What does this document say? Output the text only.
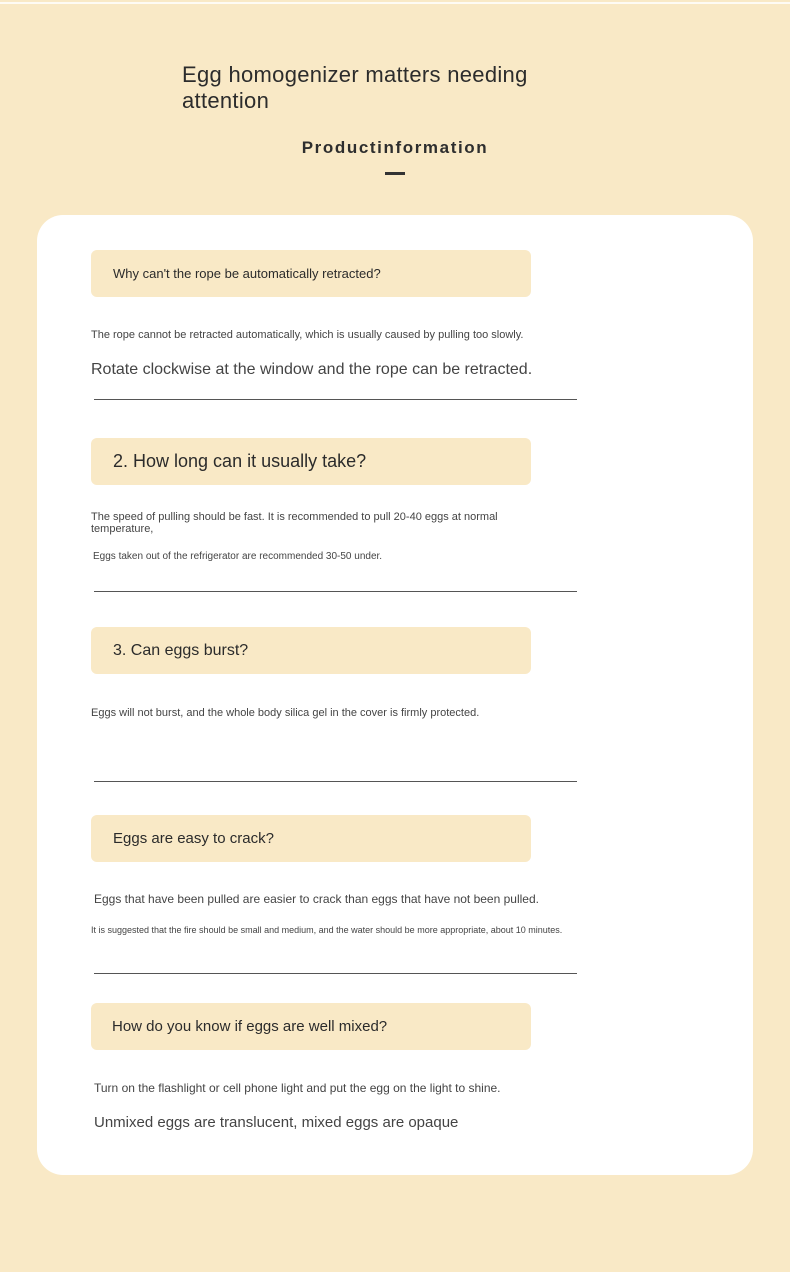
Egg homogenizer matters needing attention
Productinformation
Why can't the rope be automatically retracted?
The rope cannot be retracted automatically, which is usually caused by pulling too slowly.
Rotate clockwise at the window and the rope can be retracted.
2. How long can it usually take?
The speed of pulling should be fast. It is recommended to pull 20-40 eggs at normal temperature,
Eggs taken out of the refrigerator are recommended 30-50 under.
3. Can eggs burst?
Eggs will not burst, and the whole body silica gel in the cover is firmly protected.
Eggs are easy to crack?
Eggs that have been pulled are easier to crack than eggs that have not been pulled.
It is suggested that the fire should be small and medium, and the water should be more appropriate, about 10 minutes.
How do you know if eggs are well mixed?
Turn on the flashlight or cell phone light and put the egg on the light to shine.
Unmixed eggs are translucent, mixed eggs are opaque
